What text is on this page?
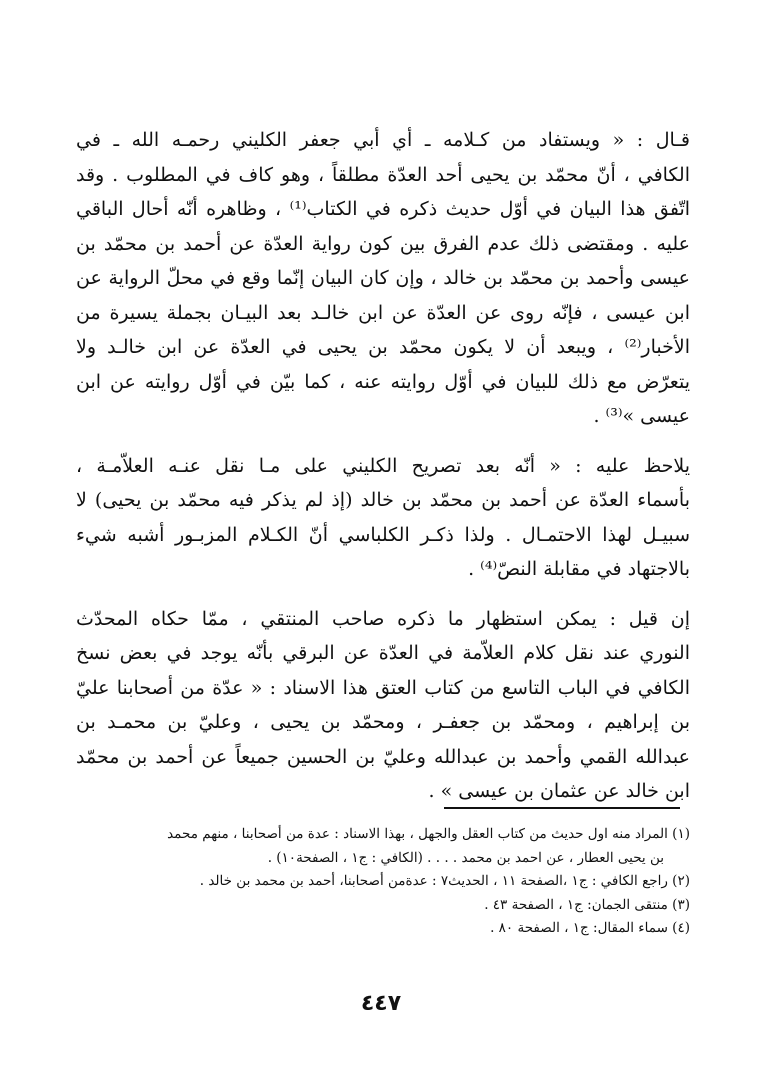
قـال : « ويستفاد من كـلامه ـ أي أبي جعفر الكليني رحمـه الله ـ في
الكافي ، أنّ محمّد بن يحيى أحد العدّة مطلقاً ، وهو كاف في المطلوب . وقد
اتّفق هذا البيان في أوّل حديث ذكره في الكتاب⁽¹⁾ ، وظاهره أنّه أحال الباقي
عليه . ومقتضى ذلك عدم الفرق بين كون رواية العدّة عن أحمد بن محمّد بن
عيسى وأحمد بن محمّد بن خالد ، وإن كان البيان إنّما وقع في محلّ الرواية عن
ابن عيسى ، فإنّه روى عن العدّة عن ابن خالـد بعد البيـان بجملة يسيرة من
الأخبار⁽²⁾ ، ويبعد أن لا يكون محمّد بن يحيى في العدّة عن ابن خالـد ولا
يتعرّض مع ذلك للبيان في أوّل روايته عنه ، كما بيّن في أوّل روايته عن ابن
عيسى »⁽³⁾ .
يلاحظ عليه : « أنّه بعد تصريح الكليني على مـا نقل عنـه العلاّمـة ،
بأسماء العدّة عن أحمد بن محمّد بن خالد (إذ لم يذكر فيه محمّد بن يحيى) لا
سبيـل لهذا الاحتمـال . ولذا ذكـر الكلباسي أنّ الكـلام المزبـور أشبه شيء
بالاجتهاد في مقابلة النصّ⁽⁴⁾ .
إن قيل : يمكن استظهار ما ذكره صاحب المنتقي ، ممّا حكاه المحدّث
النوري عند نقل كلام العلاّمة في العدّة عن البرقي بأنّه يوجد في بعض نسخ
الكافي في الباب التاسع من كتاب العتق هذا الاسناد : « عدّة من أصحابنا عليّ
بن إبراهيم ، ومحمّد بن جعفـر ، ومحمّد بن يحيى ، وعليّ بن محمـد بن
عبدالله القمي وأحمد بن عبدالله وعليّ بن الحسين جميعاً عن أحمد بن محمّد
ابن خالد عن عثمان بن عيسى » .
(١) المراد منه اول حديث من كتاب العقل والجهل ، بهذا الاسناد : عدة من أصحابنا ، منهم محمد
بن يحيى العطار ، عن احمد بن محمد . . . . (الكافي : ج١ ، الصفحة١٠) .
(٢) راجع الكافي : ج١ ،الصفحة ١١ ، الحديث٧ : عدةمن أصحابنا، أحمد بن محمد بن خالد .
(٣) منتقى الجمان: ج١ ، الصفحة ٤٣ .
(٤) سماء المقال: ج١ ، الصفحة ٨٠ .
٤٤٧
